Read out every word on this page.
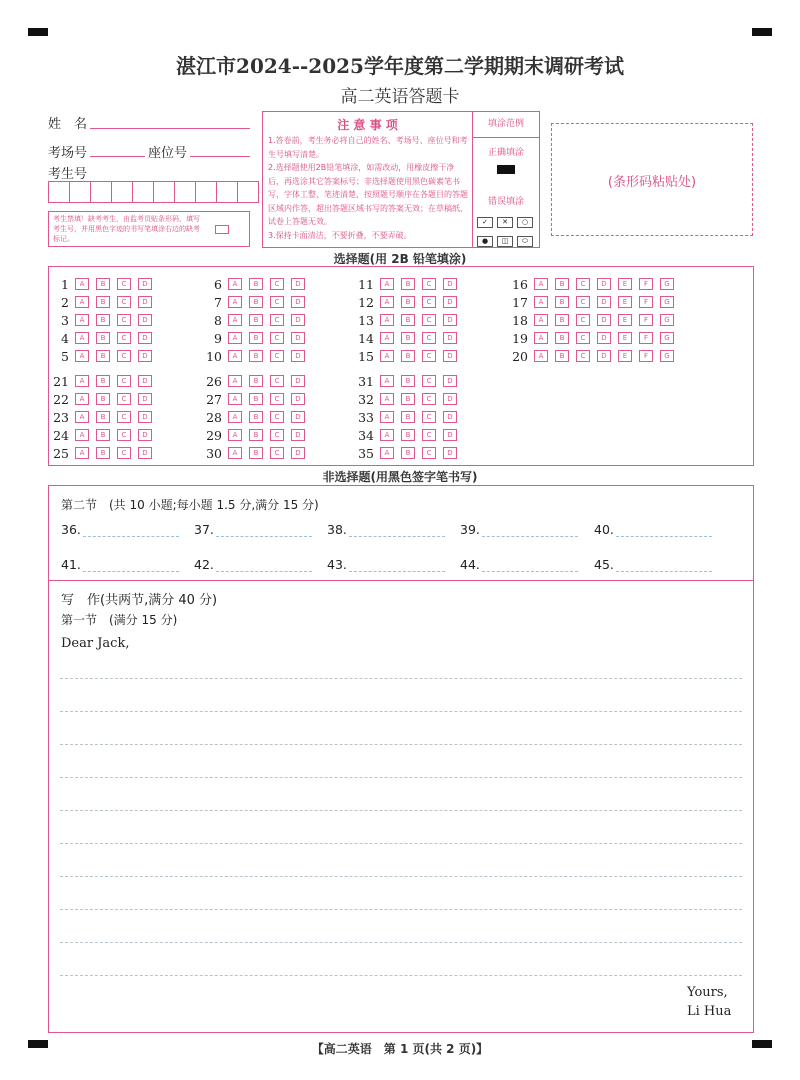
湛江市2024--2025学年度第二学期期末调研考试
高二英语答题卡
姓　名
考场号	座位号
考生号
考生禁填！缺考考生，由监考员贴条形码，填写考生号，并用黑色字迹的书写笔填涂右边的缺考标记。
注 意 事 项
1.答卷前，考生务必将自己的姓名、考场号、座位号和考生号填写清楚。
2.选择题使用2B铅笔填涂，如需改动，用橡皮擦干净后，再选涂其它答案标号；非选择题使用黑色碳素笔书写，字体工整、笔迹清楚，按照题号顺序在各题目的答题区域内作答，超出答题区域书写的答案无效；在草稿纸、试卷上答题无效。
3.保持卡面清洁，不要折叠，不要弄破。
填涂范例
正确填涂
错误填涂
✓ ✕ ○
● ◫ ⬭
(条形码粘贴处)
选择题(用 2B 铅笔填涂)
1	A	B	C	D
2	A	B	C	D
3	A	B	C	D
4	A	B	C	D
5	A	B	C	D
6	A	B	C	D
7	A	B	C	D
8	A	B	C	D
9	A	B	C	D
10	A	B	C	D
11	A	B	C	D
12	A	B	C	D
13	A	B	C	D
14	A	B	C	D
15	A	B	C	D
16	A	B	C	D	E	F	G
17	A	B	C	D	E	F	G
18	A	B	C	D	E	F	G
19	A	B	C	D	E	F	G
20	A	B	C	D	E	F	G
21	A	B	C	D
22	A	B	C	D
23	A	B	C	D
24	A	B	C	D
25	A	B	C	D
26	A	B	C	D
27	A	B	C	D
28	A	B	C	D
29	A	B	C	D
30	A	B	C	D
31	A	B	C	D
32	A	B	C	D
33	A	B	C	D
34	A	B	C	D
35	A	B	C	D
非选择题(用黑色签字笔书写)
第二节　(共 10 小题;每小题 1.5 分,满分 15 分)
36.	37.	38.	39.	40.
41.	42.	43.	44.	45.
写　作(共两节,满分 40 分)
第一节　(满分 15 分)
Dear Jack,
Yours,
Li Hua
【高二英语　第 1 页(共 2 页)】
